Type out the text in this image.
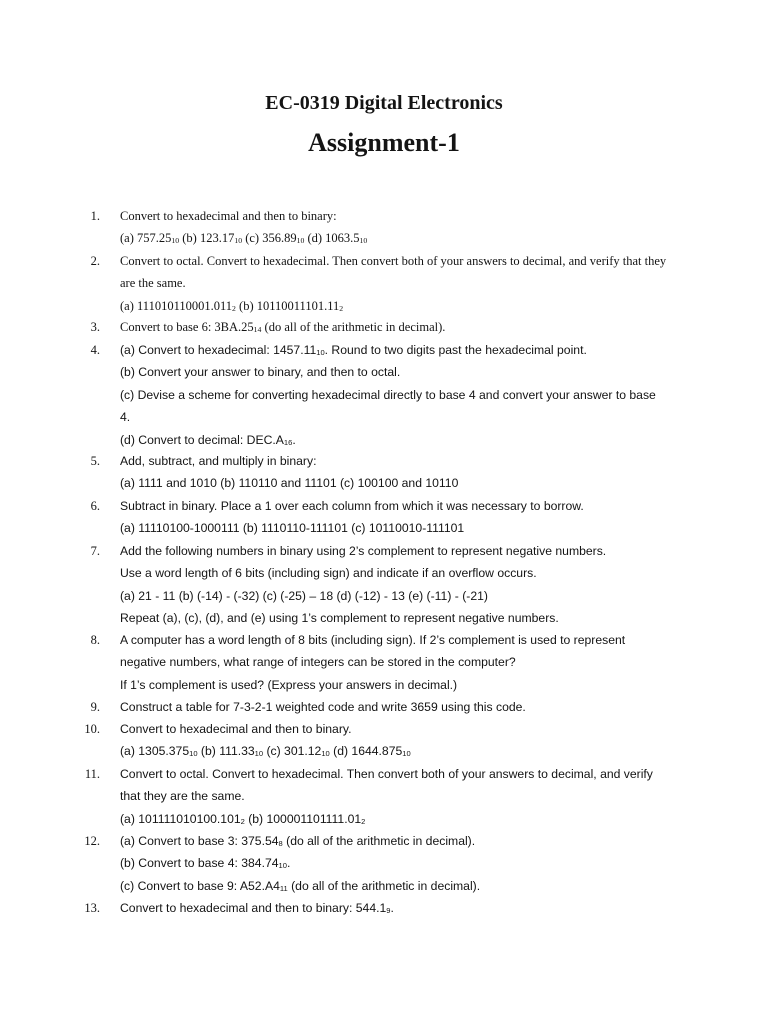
EC-0319 Digital Electronics
Assignment-1
1. Convert to hexadecimal and then to binary:
(a) $757.25_{10}$ (b) $123.17_{10}$ (c) $356.89_{10}$ (d) $1063.5_{10}$
2. Convert to octal. Convert to hexadecimal. Then convert both of your answers to decimal, and verify that they
are the same.
(a) $111010110001.011_2$ (b) $10110011101.11_2$
3. Convert to base 6: $3BA.25_{14}$ (do all of the arithmetic in decimal).
4. (a) Convert to hexadecimal: $1457.11_{10}$. Round to two digits past the hexadecimal point.
(b) Convert your answer to binary, and then to octal.
(c) Devise a scheme for converting hexadecimal directly to base 4 and convert your answer to base
4.
(d) Convert to decimal: $DEC.A_{16}$.
5. Add, subtract, and multiply in binary:
(a) 1111 and 1010 (b) 110110 and 11101 (c) 100100 and 10110
6. Subtract in binary. Place a 1 over each column from which it was necessary to borrow.
(a) 11110100-1000111 (b) 1110110-111101 (c) 10110010-111101
7. Add the following numbers in binary using 2’s complement to represent negative numbers.
Use a word length of 6 bits (including sign) and indicate if an overflow occurs.
(a) 21 - 11 (b) (-14) - (-32) (c) (-25) – 18 (d) (-12) - 13 (e) (-11) - (-21)
Repeat (a), (c), (d), and (e) using 1’s complement to represent negative numbers.
8. A computer has a word length of 8 bits (including sign). If 2’s complement is used to represent
negative numbers, what range of integers can be stored in the computer?
If 1’s complement is used? (Express your answers in decimal.)
9. Construct a table for 7-3-2-1 weighted code and write 3659 using this code.
10. Convert to hexadecimal and then to binary.
(a) $1305.375_{10}$ (b) $111.33_{10}$ (c) $301.12_{10}$ (d) $1644.875_{10}$
11. Convert to octal. Convert to hexadecimal. Then convert both of your answers to decimal, and verify
that they are the same.
(a) $101111010100.101_2$ (b) $100001101111.01_2$
12. (a) Convert to base 3: $375.54_8$ (do all of the arithmetic in decimal).
(b) Convert to base 4: $384.74_{10}$.
(c) Convert to base 9: $A52.A4_{11}$ (do all of the arithmetic in decimal).
13. Convert to hexadecimal and then to binary: $544.1_9$.
